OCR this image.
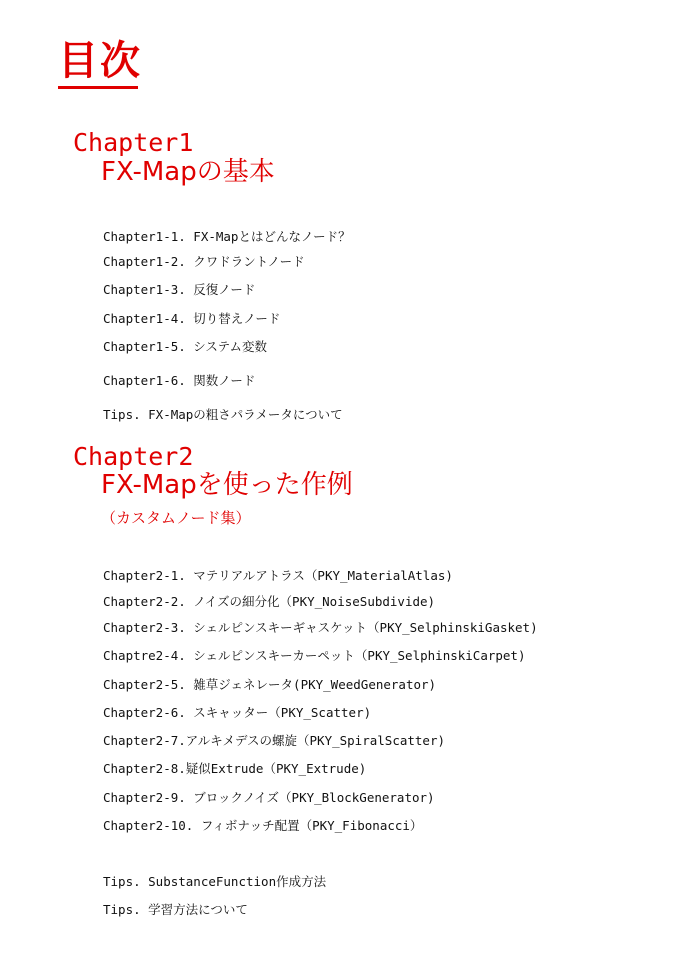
目次
Chapter1
FX-Mapの基本
Chapter1-1. FX-Mapとはどんなノード？
Chapter1-2. クワドラントノード
Chapter1-3. 反復ノード
Chapter1-4. 切り替えノード
Chapter1-5. システム変数
Chapter1-6. 関数ノード
Tips. FX-Mapの粗さパラメータについて
Chapter2
FX-Mapを使った作例
（カスタムノード集）
Chapter2-1. マテリアルアトラス（PKY_MaterialAtlas)
Chapter2-2. ノイズの細分化（PKY_NoiseSubdivide)
Chapter2-3. シェルピンスキーギャスケット（PKY_SelphinskiGasket)
Chaptre2-4. シェルピンスキーカーペット（PKY_SelphinskiCarpet)
Chapter2-5. 雑草ジェネレータ(PKY_WeedGenerator)
Chapter2-6. スキャッター（PKY_Scatter)
Chapter2-7.アルキメデスの螺旋（PKY_SpiralScatter)
Chapter2-8.疑似Extrude（PKY_Extrude)
Chapter2-9. ブロックノイズ（PKY_BlockGenerator)
Chapter2-10. フィボナッチ配置（PKY_Fibonacci）
Tips. SubstanceFunction作成方法
Tips. 学習方法について
